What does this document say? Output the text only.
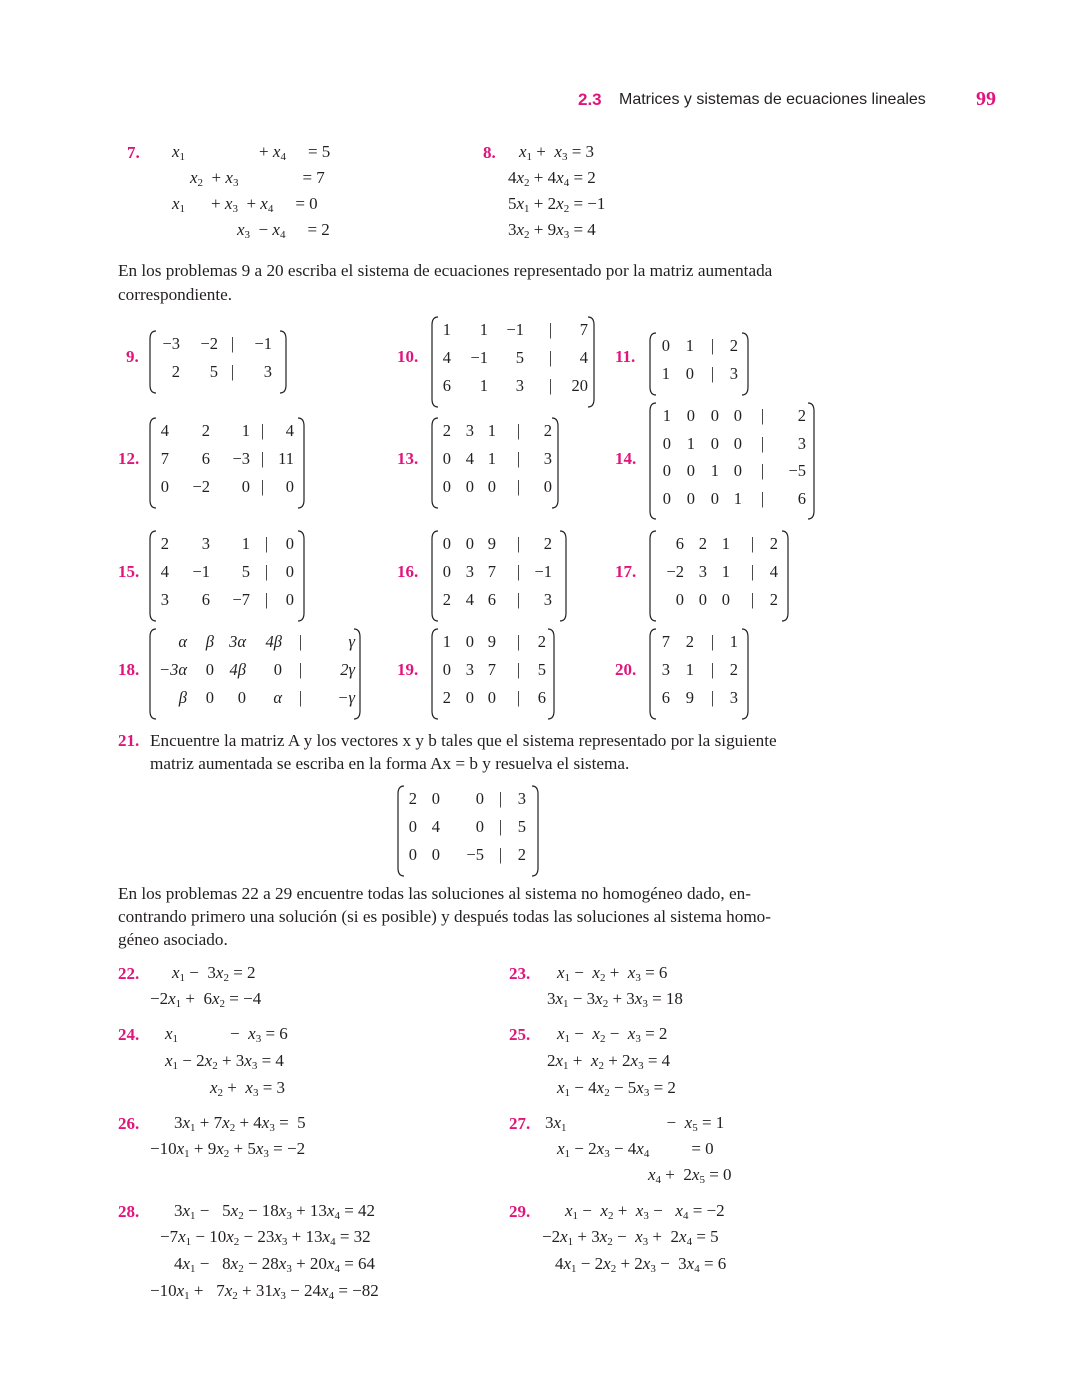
2.3 Matrices y sistemas de ecuaciones lineales	99
7. $x_1$	+ $x_4 = 5$
$x_2 + x_3$	= 7
$x_1 + x_3 + x_4 = 0$
$x_3 - x_4 = 2$
8. $x_1 + x_3 = 3$
$4x_2 + 4x_4 = 2$
$5x_1 + 2x_2 = -1$
$3x_2 + 9x_3 = 4$
En los problemas 9 a 20 escriba el sistema de ecuaciones representado por la matriz aumentada
correspondiente.
9.	10.	11.
12.	13.	14.
15.	16.	17.
18.	19.	20.
−3 −2 | −1
2 5 | 3
1 1 −1 | 7
4 −1 5 | 4
6 1 3 | 20
0 1 | 2
1 0 | 3
4 2 1 | 4
7 6 −3 | 11
0 −2 0 | 0
2 3 1 | 2
0 4 1 | 3
0 0 0 | 0
1 0 0 0 | 2
0 1 0 0 | 3
0 0 1 0 | −5
0 0 0 1 | 6
2 3 1 | 0
4 −1 5 | 0
3 6 −7 | 0
0 0 9 | 2
0 3 7 | −1
2 4 6 | 3
6 2 1 | 2
−2 3 1 | 4
0 0 0 | 2
α β 3α 4β |	γ
−3α 0 4β 0 | 2γ
β 0 0 α | −γ
1 0 9 | 2
0 3 7 | 5
2 0 0 | 6
7 2 | 1
3 1 | 2
6 9 | 3
2 0 0 | 3
0 4 0 | 5
0 0 −5 | 2
21. Encuentre la matriz A y los vectores x y b tales que el sistema representado por la siguiente
matriz aumentada se escriba en la forma Ax = b y resuelva el sistema.
En los problemas 22 a 29 encuentre todas las soluciones al sistema no homogéneo dado, en-
contrando primero una solución (si es posible) y después todas las soluciones al sistema homo-
géneo asociado.
22. $x_1 - 3x_2 = 2$
$-2x_1 + 6x_2 = -4$
23. $x_1 - x_2 + x_3 = 6$
$3x_1 - 3x_2 + 3x_3 = 18$
24. $x_1$	−  $x_3 = 6$
$x_1 - 2x_2 + 3x_3 = 4$
$x_2 + x_3 = 3$
25. $x_1 - x_2 - x_3 = 2$
$2x_1 + x_2 + 2x_3 = 4$
$x_1 - 4x_2 - 5x_3 = 2$
26. $3x_1 + 7x_2 + 4x_3 = 5$
$-10x_1 + 9x_2 + 5x_3 = -2$
27. $3x_1$	−  $x_5 = 1$
$x_1 - 2x_3 - 4x_4 = 0$
$x_4 + 2x_5 = 0$
28. $3x_1 - 5x_2 - 18x_3 + 13x_4 = 42$
$-7x_1 - 10x_2 - 23x_3 + 13x_4 = 32$
$4x_1 - 8x_2 - 28x_3 + 20x_4 = 64$
$-10x_1 + 7x_2 + 31x_3 - 24x_4 = -82$
29. $x_1 - x_2 + x_3 - x_4 = -2$
$-2x_1 + 3x_2 - x_3 + 2x_4 = 5$
$4x_1 - 2x_2 + 2x_3 - 3x_4 = 6$
